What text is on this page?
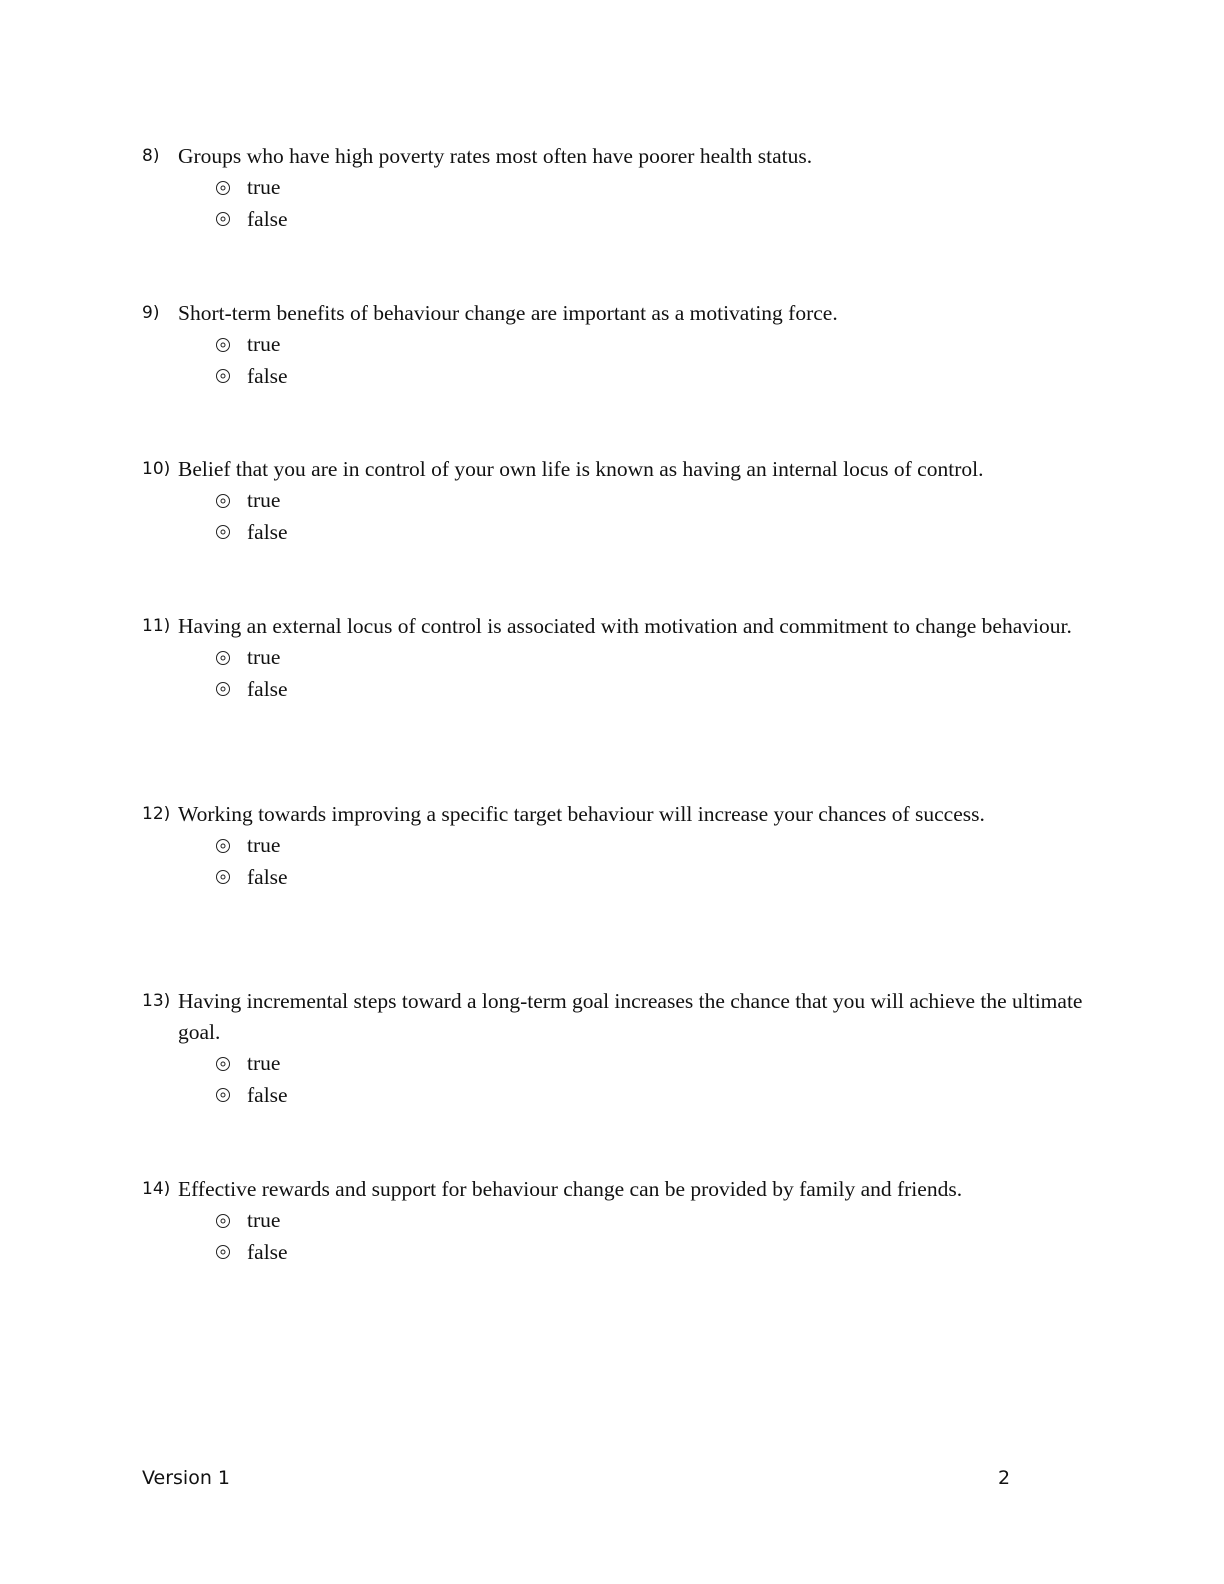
8) Groups who have high poverty rates most often have poorer health status.
true
false
9) Short-term benefits of behaviour change are important as a motivating force.
true
false
10) Belief that you are in control of your own life is known as having an internal locus of control.
true
false
11) Having an external locus of control is associated with motivation and commitment to change behaviour.
true
false
12) Working towards improving a specific target behaviour will increase your chances of success.
true
false
13) Having incremental steps toward a long-term goal increases the chance that you will achieve the ultimate goal.
true
false
14) Effective rewards and support for behaviour change can be provided by family and friends.
true
false
Version 1	2
